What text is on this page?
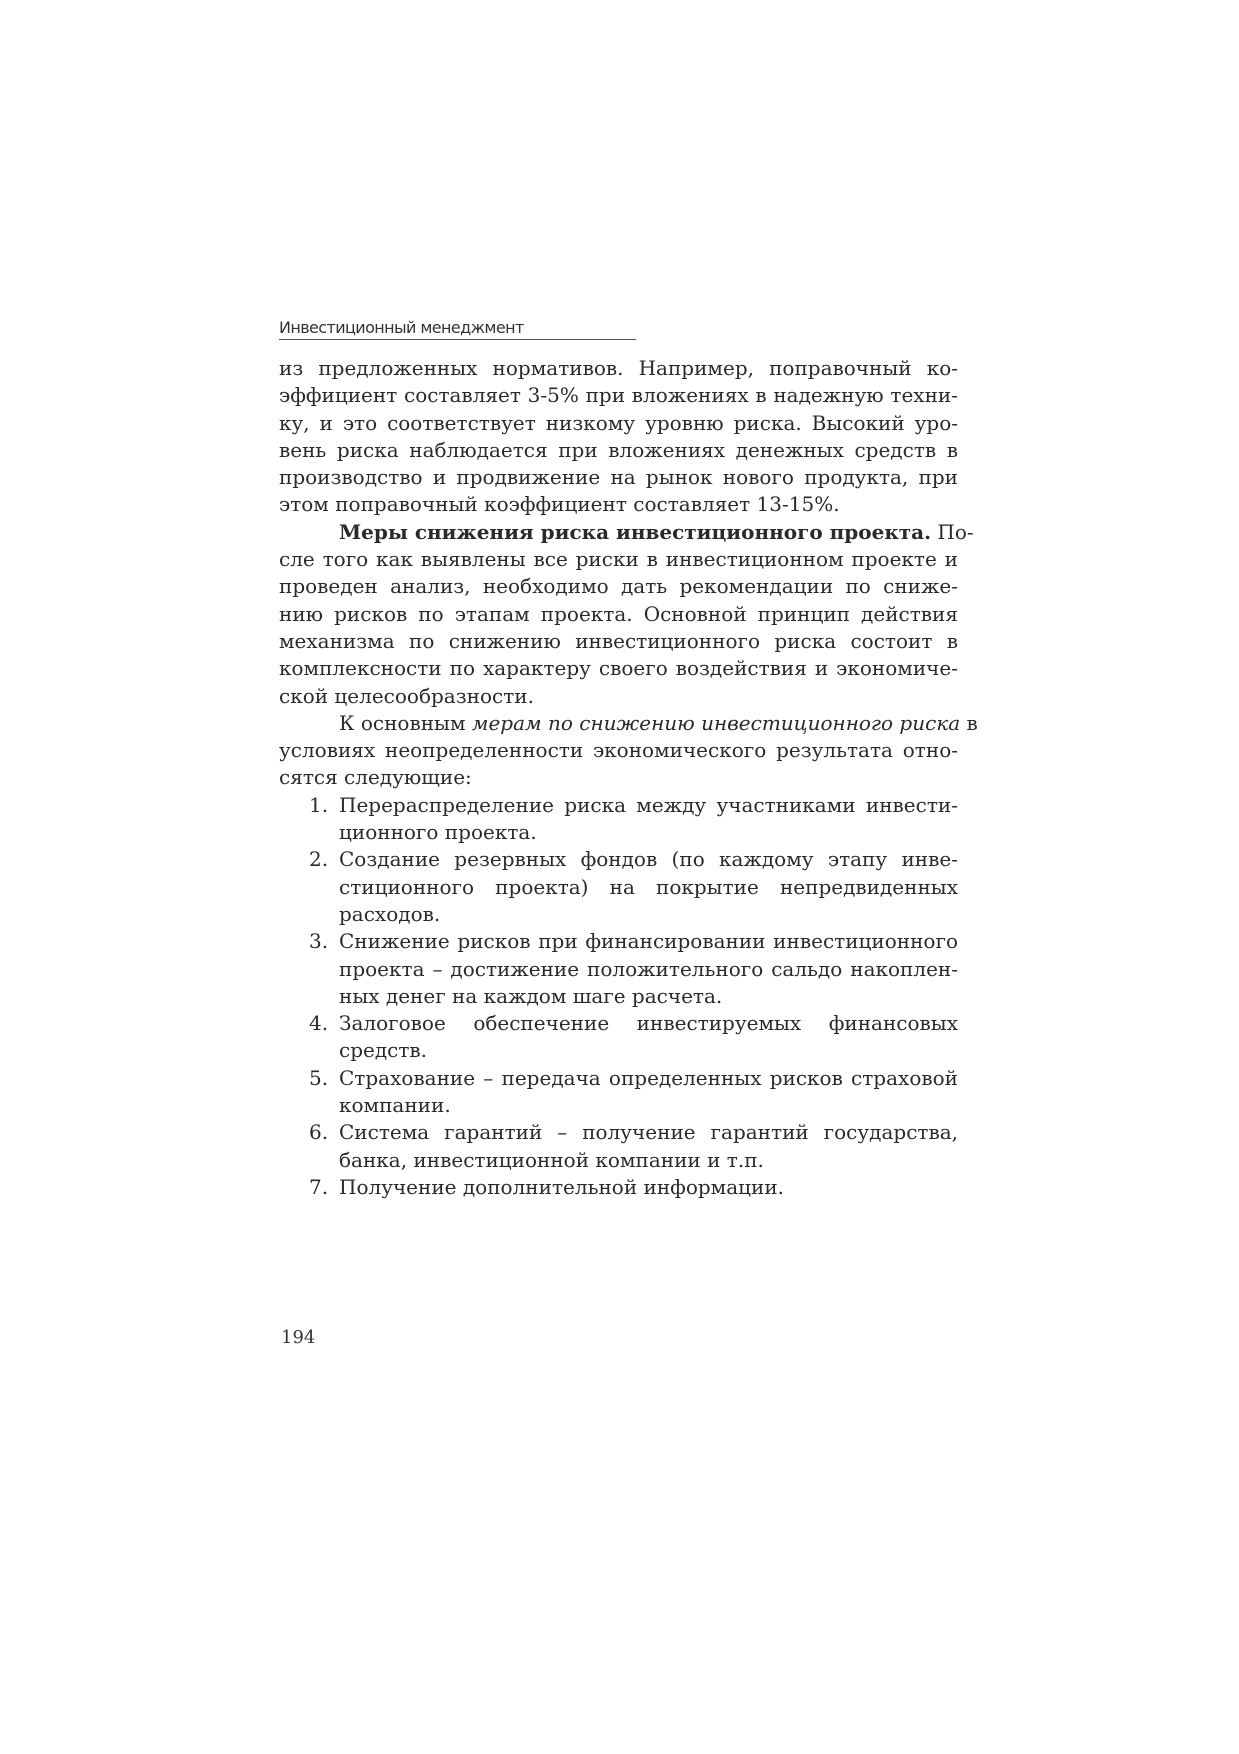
Инвестиционный менеджмент
из предложенных нормативов. Например, поправочный ко-
эффициент составляет 3-5% при вложениях в надежную техни-
ку, и это соответствует низкому уровню риска. Высокий уро-
вень риска наблюдается при вложениях денежных средств в
производство и продвижение на рынок нового продукта, при
этом поправочный коэффициент составляет 13-15%.
Меры снижения риска инвестиционного проекта. По-
сле того как выявлены все риски в инвестиционном проекте и
проведен анализ, необходимо дать рекомендации по сниже-
нию рисков по этапам проекта. Основной принцип действия
механизма по снижению инвестиционного риска состоит в
комплексности по характеру своего воздействия и экономиче-
ской целесообразности.
К основным мерам по снижению инвестиционного риска в
условиях неопределенности экономического результата отно-
сятся следующие:
1. Перераспределение риска между участниками инвести-
ционного проекта.
2. Создание резервных фондов (по каждому этапу инве-
стиционного проекта) на покрытие непредвиденных
расходов.
3. Снижение рисков при финансировании инвестиционного
проекта – достижение положительного сальдо накоплен-
ных денег на каждом шаге расчета.
4. Залоговое обеспечение инвестируемых финансовых
средств.
5. Страхование – передача определенных рисков страховой
компании.
6. Система гарантий – получение гарантий государства,
банка, инвестиционной компании и т.п.
7. Получение дополнительной информации.
194
